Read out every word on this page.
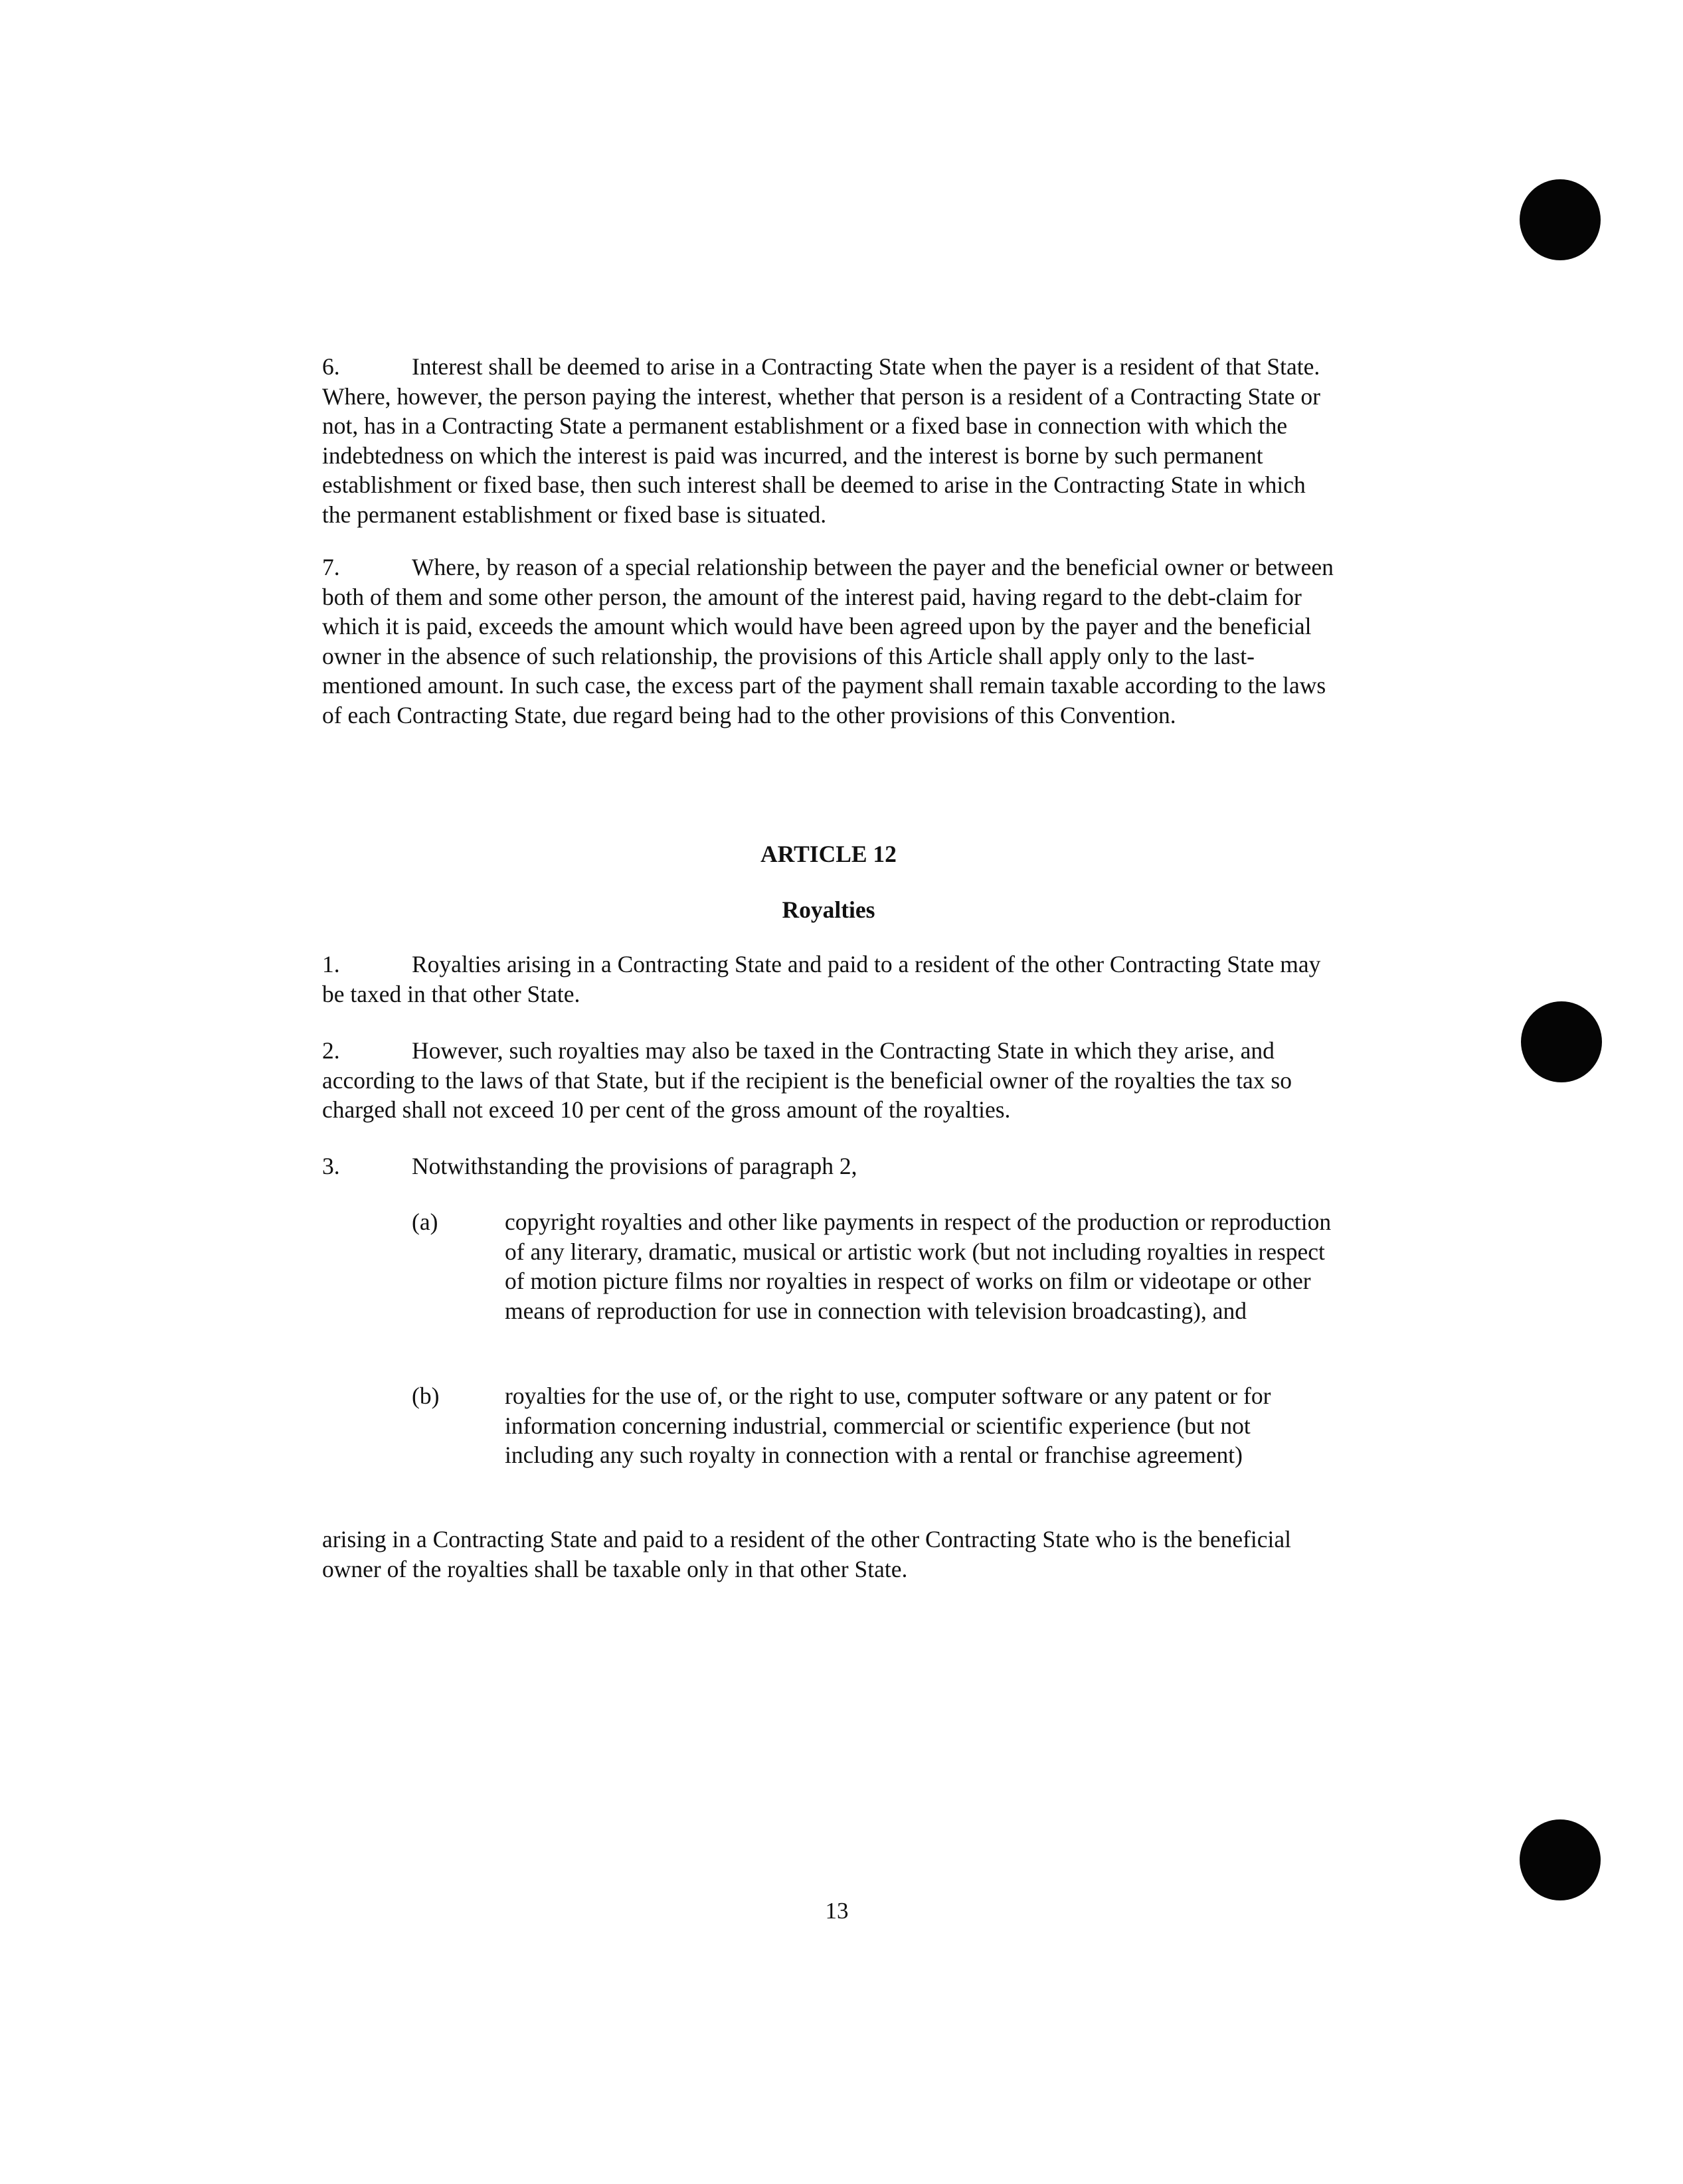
6.	Interest shall be deemed to arise in a Contracting State when the payer is a resident of that State. Where, however, the person paying the interest, whether that person is a resident of a Contracting State or not, has in a Contracting State a permanent establishment or a fixed base in connection with which the indebtedness on which the interest is paid was incurred, and the interest is borne by such permanent establishment or fixed base, then such interest shall be deemed to arise in the Contracting State in which the permanent establishment or fixed base is situated.
7.	Where, by reason of a special relationship between the payer and the beneficial owner or between both of them and some other person, the amount of the interest paid, having regard to the debt-claim for which it is paid, exceeds the amount which would have been agreed upon by the payer and the beneficial owner in the absence of such relationship, the provisions of this Article shall apply only to the last-mentioned amount. In such case, the excess part of the payment shall remain taxable according to the laws of each Contracting State, due regard being had to the other provisions of this Convention.
ARTICLE 12
Royalties
1.	Royalties arising in a Contracting State and paid to a resident of the other Contracting State may be taxed in that other State.
2.	However, such royalties may also be taxed in the Contracting State in which they arise, and according to the laws of that State, but if the recipient is the beneficial owner of the royalties the tax so charged shall not exceed 10 per cent of the gross amount of the royalties.
3.	Notwithstanding the provisions of paragraph 2,
(a)	copyright royalties and other like payments in respect of the production or reproduction of any literary, dramatic, musical or artistic work (but not including royalties in respect of motion picture films nor royalties in respect of works on film or videotape or other means of reproduction for use in connection with television broadcasting), and
(b)	royalties for the use of, or the right to use, computer software or any patent or for information concerning industrial, commercial or scientific experience (but not including any such royalty in connection with a rental or franchise agreement)
arising in a Contracting State and paid to a resident of the other Contracting State who is the beneficial owner of the royalties shall be taxable only in that other State.
13
